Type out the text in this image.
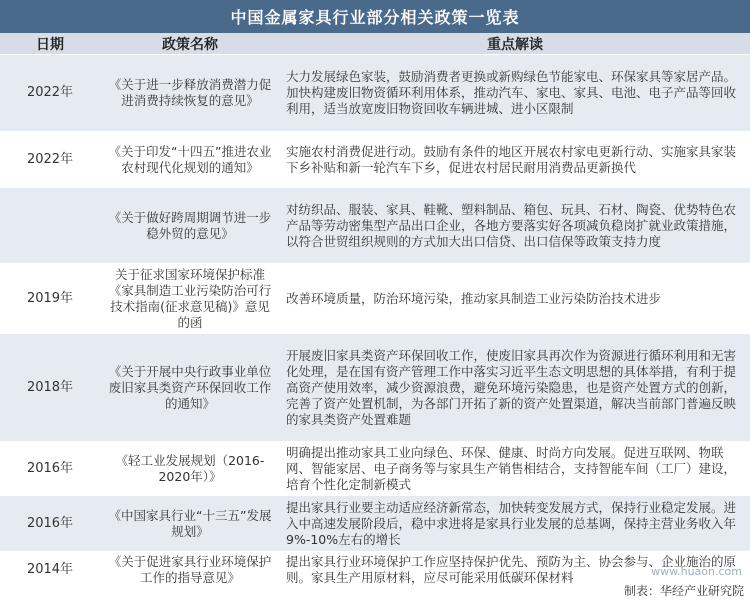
中国金属家具行业部分相关政策一览表
日期	政策名称	重点解读
2022年	《关于进一步释放消费潜力促进消费持续恢复的意见》	大力发展绿色家装，鼓励消费者更换或新购绿色节能家电、环保家具等家居产品。加快构建废旧物资循环利用体系，推动汽车、家电、家具、电池、电子产品等回收利用，适当放宽废旧物资回收车辆进城、进小区限制
2022年	《关于印发“十四五”推进农业农村现代化规划的通知》	实施农村消费促进行动。鼓励有条件的地区开展农村家电更新行动、实施家具家装下乡补贴和新一轮汽车下乡，促进农村居民耐用消费品更新换代
	《关于做好跨周期调节进一步稳外贸的意见》	对纺织品、服装、家具、鞋靴、塑料制品、箱包、玩具、石材、陶瓷、优势特色农产品等劳动密集型产品出口企业，各地方要落实好各项减负稳岗扩就业政策措施，以符合世贸组织规则的方式加大出口信贷、出口信保等政策支持力度
2019年	关于征求国家环境保护标准《家具制造工业污染防治可行技术指南(征求意见稿)》意见的函	改善环境质量，防治环境污染，推动家具制造工业污染防治技术进步
2018年	《关于开展中央行政事业单位废旧家具类资产环保回收工作的通知》	开展废旧家具类资产环保回收工作，使废旧家具再次作为资源进行循环利用和无害化处理，是在国有资产管理工作中落实习近平生态文明思想的具体举措，有利于提高资产使用效率，减少资源浪费，避免环境污染隐患，也是资产处置方式的创新，完善了资产处置机制，为各部门开拓了新的资产处置渠道，解决当前部门普遍反映的家具类资产处置难题
2016年	《轻工业发展规划（2016-2020年）》	明确提出推动家具工业向绿色、环保、健康、时尚方向发展。促进互联网、物联网、智能家居、电子商务等与家具生产销售相结合，支持智能车间（工厂）建设，培育个性化定制新模式
2016年	《中国家具行业“十三五”发展规划》	提出家具行业要主动适应经济新常态，加快转变发展方式，保持行业稳定发展。进入中高速发展阶段后，稳中求进将是家具行业发展的总基调，保持主营业务收入年9%-10%左右的增长
2014年	《关于促进家具行业环境保护工作的指导意见》	提出家具行业环境保护工作应坚持保护优先、预防为主、协会参与、企业施治的原则。家具生产用原材料，应尽可能采用低碳环保材料	www.huaon.com
制表：华经产业研究院
